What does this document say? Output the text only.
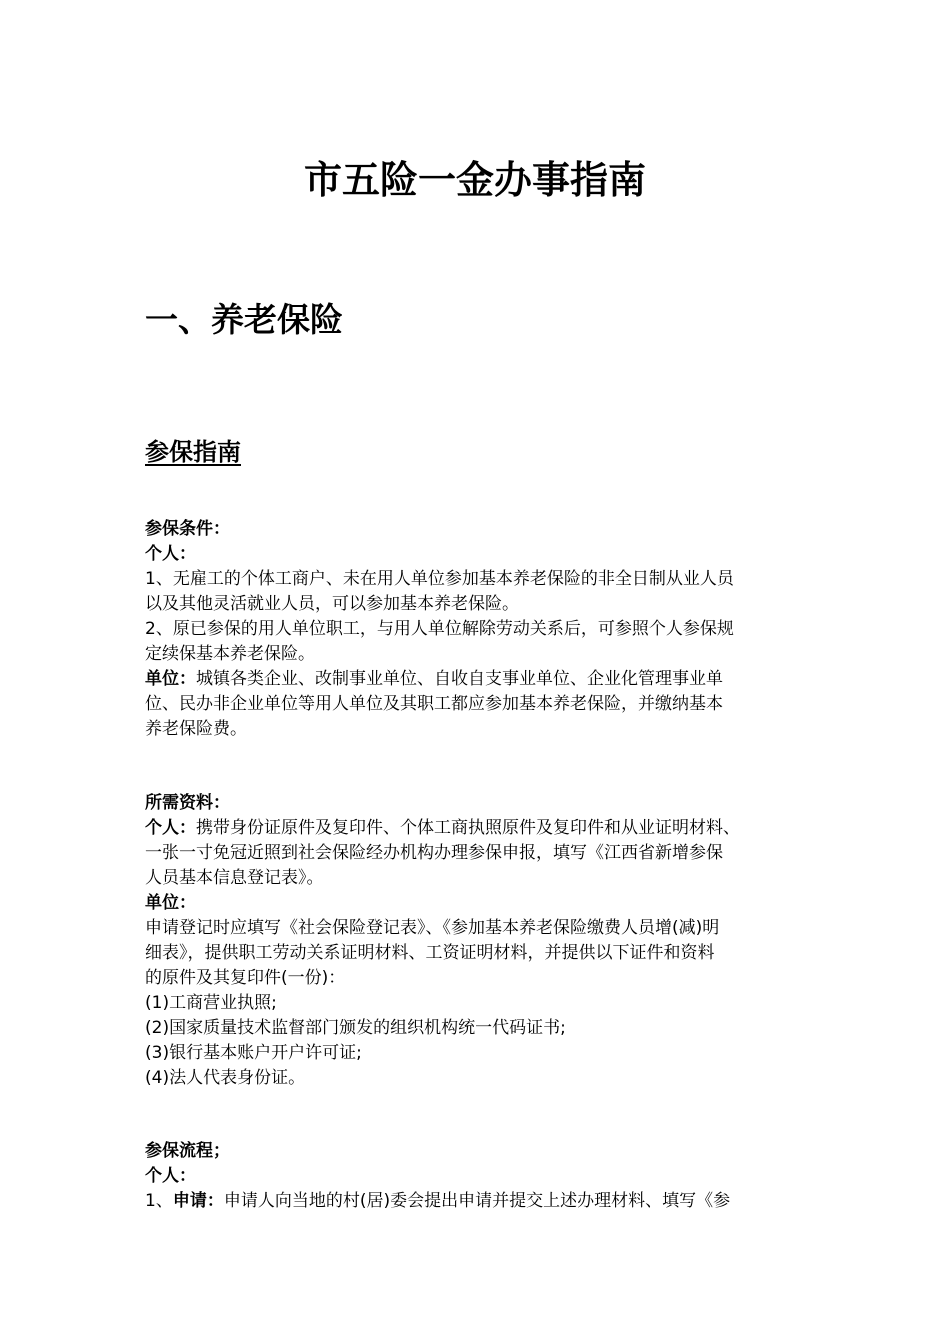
市五险一金办事指南
一、养老保险
参保指南
参保条件：
个人：
1、无雇工的个体工商户、未在用人单位参加基本养老保险的非全日制从业人员
以及其他灵活就业人员，可以参加基本养老保险。
2、原已参保的用人单位职工，与用人单位解除劳动关系后，可参照个人参保规
定续保基本养老保险。
单位：城镇各类企业、改制事业单位、自收自支事业单位、企业化管理事业单
位、民办非企业单位等用人单位及其职工都应参加基本养老保险，并缴纳基本
养老保险费。
所需资料：
个人：携带身份证原件及复印件、个体工商执照原件及复印件和从业证明材料、
一张一寸免冠近照到社会保险经办机构办理参保申报，填写《江西省新增参保
人员基本信息登记表》。
单位：
申请登记时应填写《社会保险登记表》、《参加基本养老保险缴费人员增(减)明
细表》，提供职工劳动关系证明材料、工资证明材料，并提供以下证件和资料
的原件及其复印件(一份)：
(1)工商营业执照;
(2)国家质量技术监督部门颁发的组织机构统一代码证书;
(3)银行基本账户开户许可证;
(4)法人代表身份证。
参保流程；
个人：
1、申请：申请人向当地的村(居)委会提出申请并提交上述办理材料、填写《参
